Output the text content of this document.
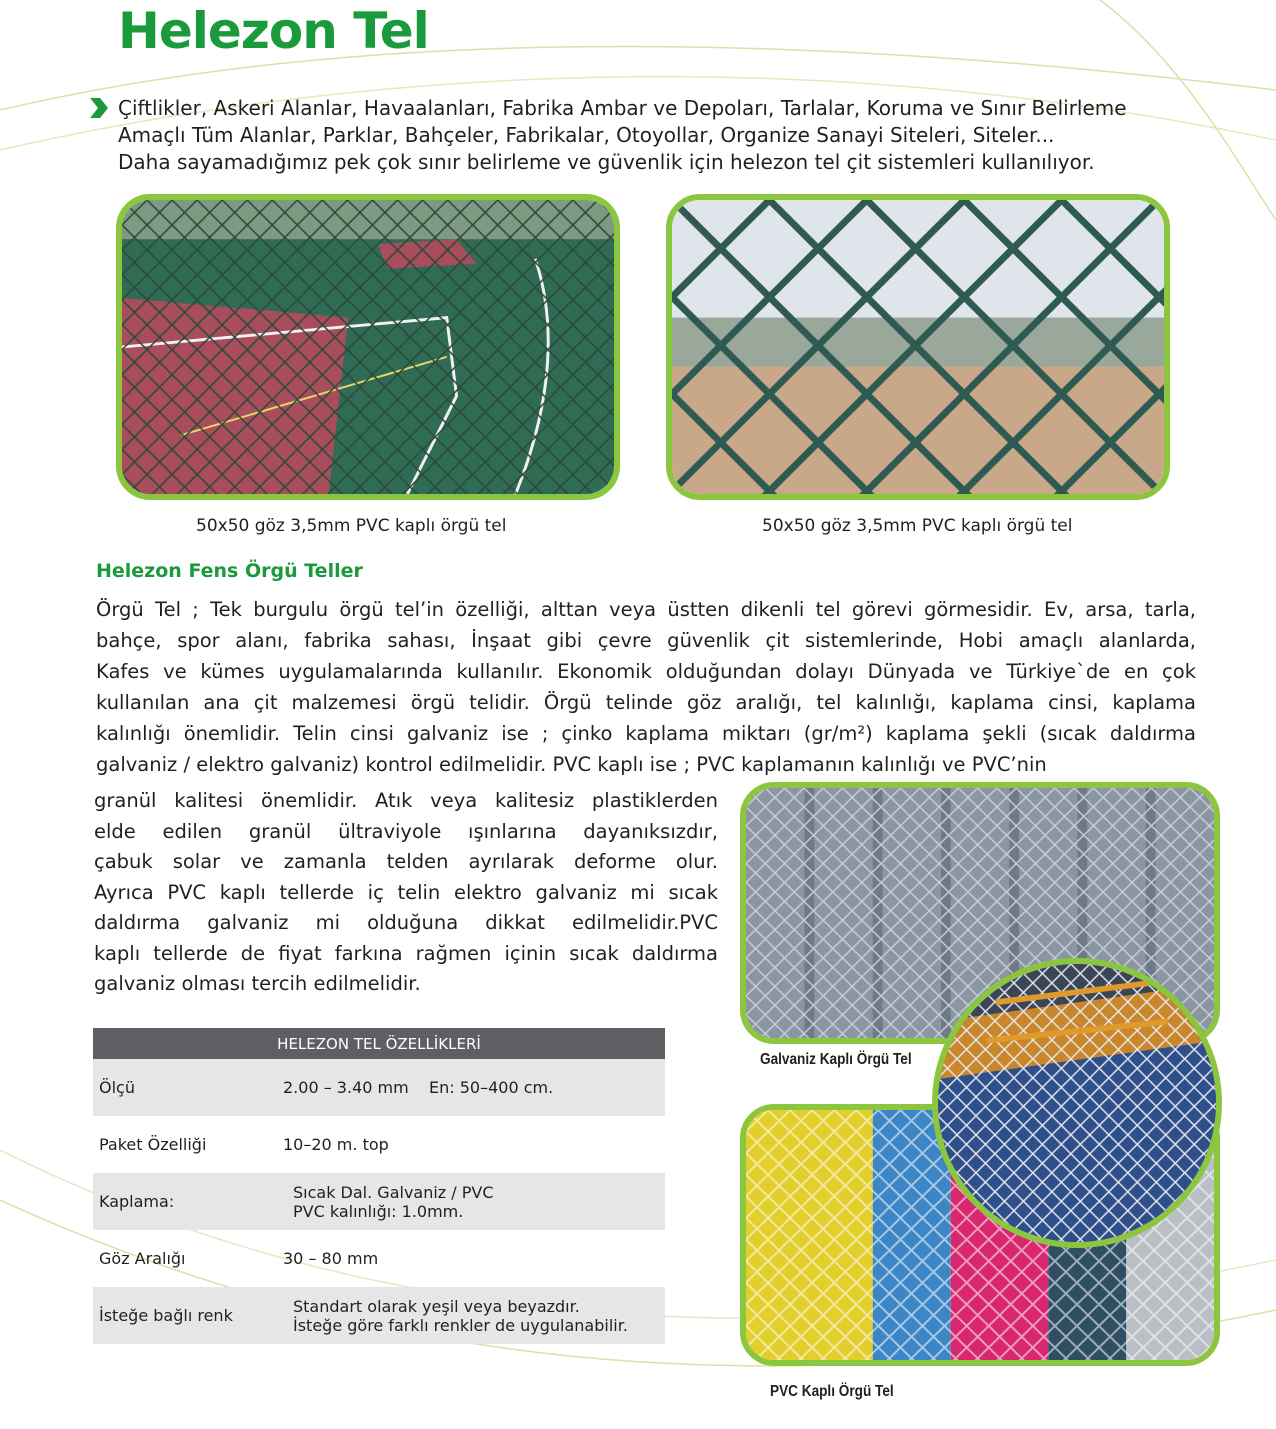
Helezon Tel
Çiftlikler, Askeri Alanlar, Havaalanları, Fabrika Ambar ve Depoları, Tarlalar, Koruma ve Sınır Belirleme
Amaçlı Tüm Alanlar, Parklar, Bahçeler, Fabrikalar, Otoyollar, Organize Sanayi Siteleri, Siteler...
Daha sayamadığımız pek çok sınır belirleme ve güvenlik için helezon tel çit sistemleri kullanılıyor.
50x50 göz 3,5mm PVC kaplı örgü tel	50x50 göz 3,5mm PVC kaplı örgü tel
Helezon Fens Örgü Teller
Örgü Tel ; Tek burgulu örgü tel’in özelliği, alttan veya üstten dikenli tel görevi görmesidir. Ev, arsa, tarla,
bahçe, spor alanı, fabrika sahası, İnşaat gibi çevre güvenlik çit sistemlerinde, Hobi amaçlı alanlarda,
Kafes ve kümes uygulamalarında kullanılır. Ekonomik olduğundan dolayı Dünyada ve Türkiye`de en çok
kullanılan ana çit malzemesi örgü telidir. Örgü telinde göz aralığı, tel kalınlığı, kaplama cinsi, kaplama
kalınlığı önemlidir. Telin cinsi galvaniz ise ; çinko kaplama miktarı (gr/m²) kaplama şekli (sıcak daldırma
galvaniz / elektro galvaniz) kontrol edilmelidir. PVC kaplı ise ; PVC kaplamanın kalınlığı ve PVC’nin
granül kalitesi önemlidir. Atık veya kalitesiz plastiklerden
elde edilen granül ültraviyole ışınlarına dayanıksızdır,
çabuk solar ve zamanla telden ayrılarak deforme olur.
Ayrıca PVC kaplı tellerde iç telin elektro galvaniz mi sıcak
daldırma galvaniz mi olduğuna dikkat edilmelidir.PVC
kaplı tellerde de fiyat farkına rağmen içinin sıcak daldırma
galvaniz olması tercih edilmelidir.
Galvaniz Kaplı Örgü Tel
PVC Kaplı Örgü Tel
HELEZON TEL ÖZELLİKLERİ	
Ölçü	2.00 – 3.40 mm    En: 50–400 cm.

Paket Özelliği	10–20 m. top

Kaplama:	Sıcak Dal. Galvaniz / PVC
PVC kalınlığı: 1.0mm.

Göz Aralığı	30 – 80 mm

İsteğe bağlı renk	Standart olarak yeşil veya beyazdır.
İsteğe göre farklı renkler de uygulanabilir.
